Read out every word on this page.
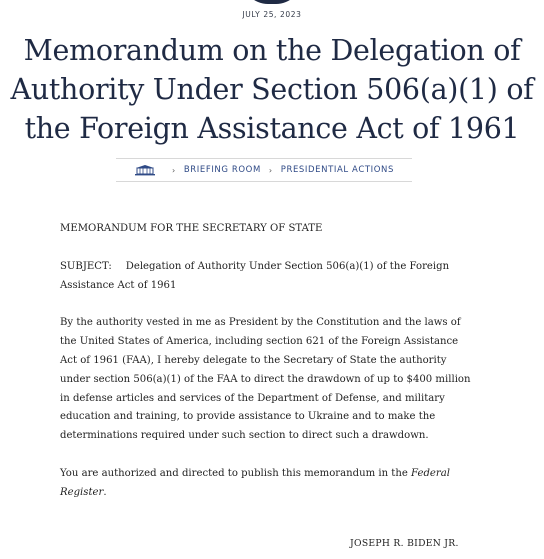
JULY 25, 2023
Memorandum on the Delegation of Authority Under Section 506(a)(1) of the Foreign Assistance Act of 1961
› BRIEFING ROOM › PRESIDENTIAL ACTIONS

MEMORANDUM FOR THE SECRETARY OF STATE

SUBJECT: Delegation of Authority Under Section 506(a)(1) of the Foreign Assistance Act of 1961

By the authority vested in me as President by the Constitution and the laws of the United States of America, including section 621 of the Foreign Assistance Act of 1961 (FAA), I hereby delegate to the Secretary of State the authority under section 506(a)(1) of the FAA to direct the drawdown of up to $400 million in defense articles and services of the Department of Defense, and military education and training, to provide assistance to Ukraine and to make the determinations required under such section to direct such a drawdown.

You are authorized and directed to publish this memorandum in the Federal Register.

JOSEPH R. BIDEN JR.
